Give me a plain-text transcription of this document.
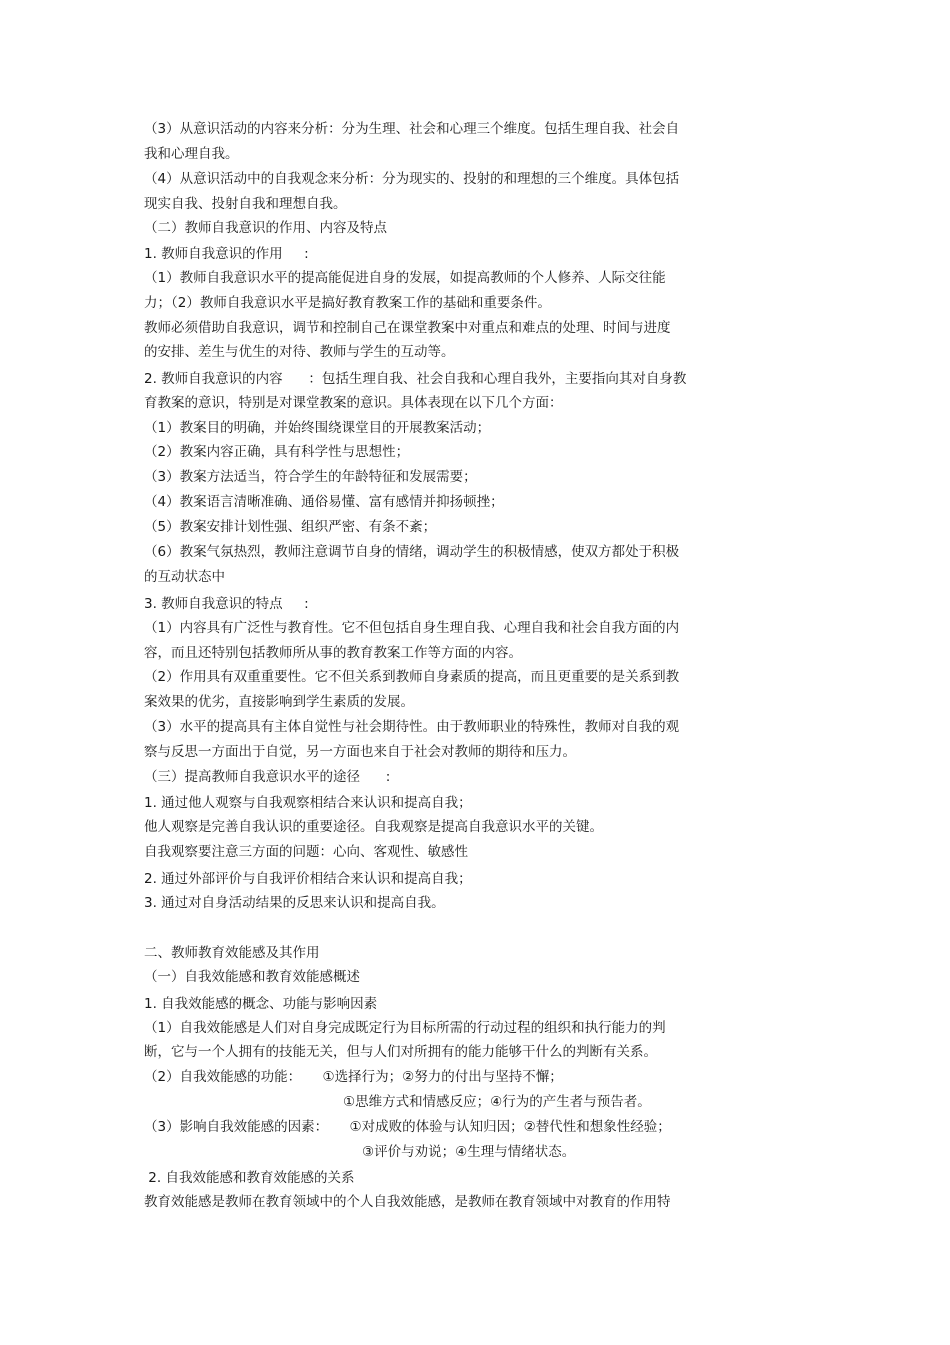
（3）从意识活动的内容来分析：分为生理、社会和心理三个维度。包括生理自我、社会自
我和心理自我。
（4）从意识活动中的自我观念来分析：分为现实的、投射的和理想的三个维度。具体包括
现实自我、投射自我和理想自我。
（二）教师自我意识的作用、内容及特点
1. 教师自我意识的作用     :
（1）教师自我意识水平的提高能促进自身的发展，如提高教师的个人修养、人际交往能
力；（2）教师自我意识水平是搞好教育教案工作的基础和重要条件。
教师必须借助自我意识，调节和控制自己在课堂教案中对重点和难点的处理、时间与进度
的安排、差生与优生的对待、教师与学生的互动等。
2. 教师自我意识的内容      ：包括生理自我、社会自我和心理自我外，主要指向其对自身教
育教案的意识，特别是对课堂教案的意识。具体表现在以下几个方面：
（1）教案目的明确，并始终围绕课堂目的开展教案活动；
（2）教案内容正确，具有科学性与思想性；
（3）教案方法适当，符合学生的年龄特征和发展需要；
（4）教案语言清晰准确、通俗易懂、富有感情并抑扬顿挫；
（5）教案安排计划性强、组织严密、有条不紊；
（6）教案气氛热烈，教师注意调节自身的情绪，调动学生的积极情感，使双方都处于积极
的互动状态中
3. 教师自我意识的特点     :
（1）内容具有广泛性与教育性。它不但包括自身生理自我、心理自我和社会自我方面的内
容，而且还特别包括教师所从事的教育教案工作等方面的内容。
（2）作用具有双重重要性。它不但关系到教师自身素质的提高，而且更重要的是关系到教
案效果的优劣，直接影响到学生素质的发展。
（3）水平的提高具有主体自觉性与社会期待性。由于教师职业的特殊性，教师对自我的观
察与反思一方面出于自觉，另一方面也来自于社会对教师的期待和压力。
（三）提高教师自我意识水平的途径      :
1. 通过他人观察与自我观察相结合来认识和提高自我；
他人观察是完善自我认识的重要途径。自我观察是提高自我意识水平的关键。
自我观察要注意三方面的问题：心向、客观性、敏感性
2. 通过外部评价与自我评价相结合来认识和提高自我；
3. 通过对自身活动结果的反思来认识和提高自我。
二、教师教育效能感及其作用
（一）自我效能感和教育效能感概述
1. 自我效能感的概念、功能与影响因素
（1）自我效能感是人们对自身完成既定行为目标所需的行动过程的组织和执行能力的判
断，它与一个人拥有的技能无关，但与人们对所拥有的能力能够干什么的判断有关系。
（2）自我效能感的功能：     ①选择行为；②努力的付出与坚持不懈；
①思维方式和情感反应；④行为的产生者与预告者。
（3）影响自我效能感的因素：     ①对成败的体验与认知归因；②替代性和想象性经验；
③评价与劝说；④生理与情绪状态。
2. 自我效能感和教育效能感的关系
教育效能感是教师在教育领域中的个人自我效能感，是教师在教育领域中对教育的作用特
